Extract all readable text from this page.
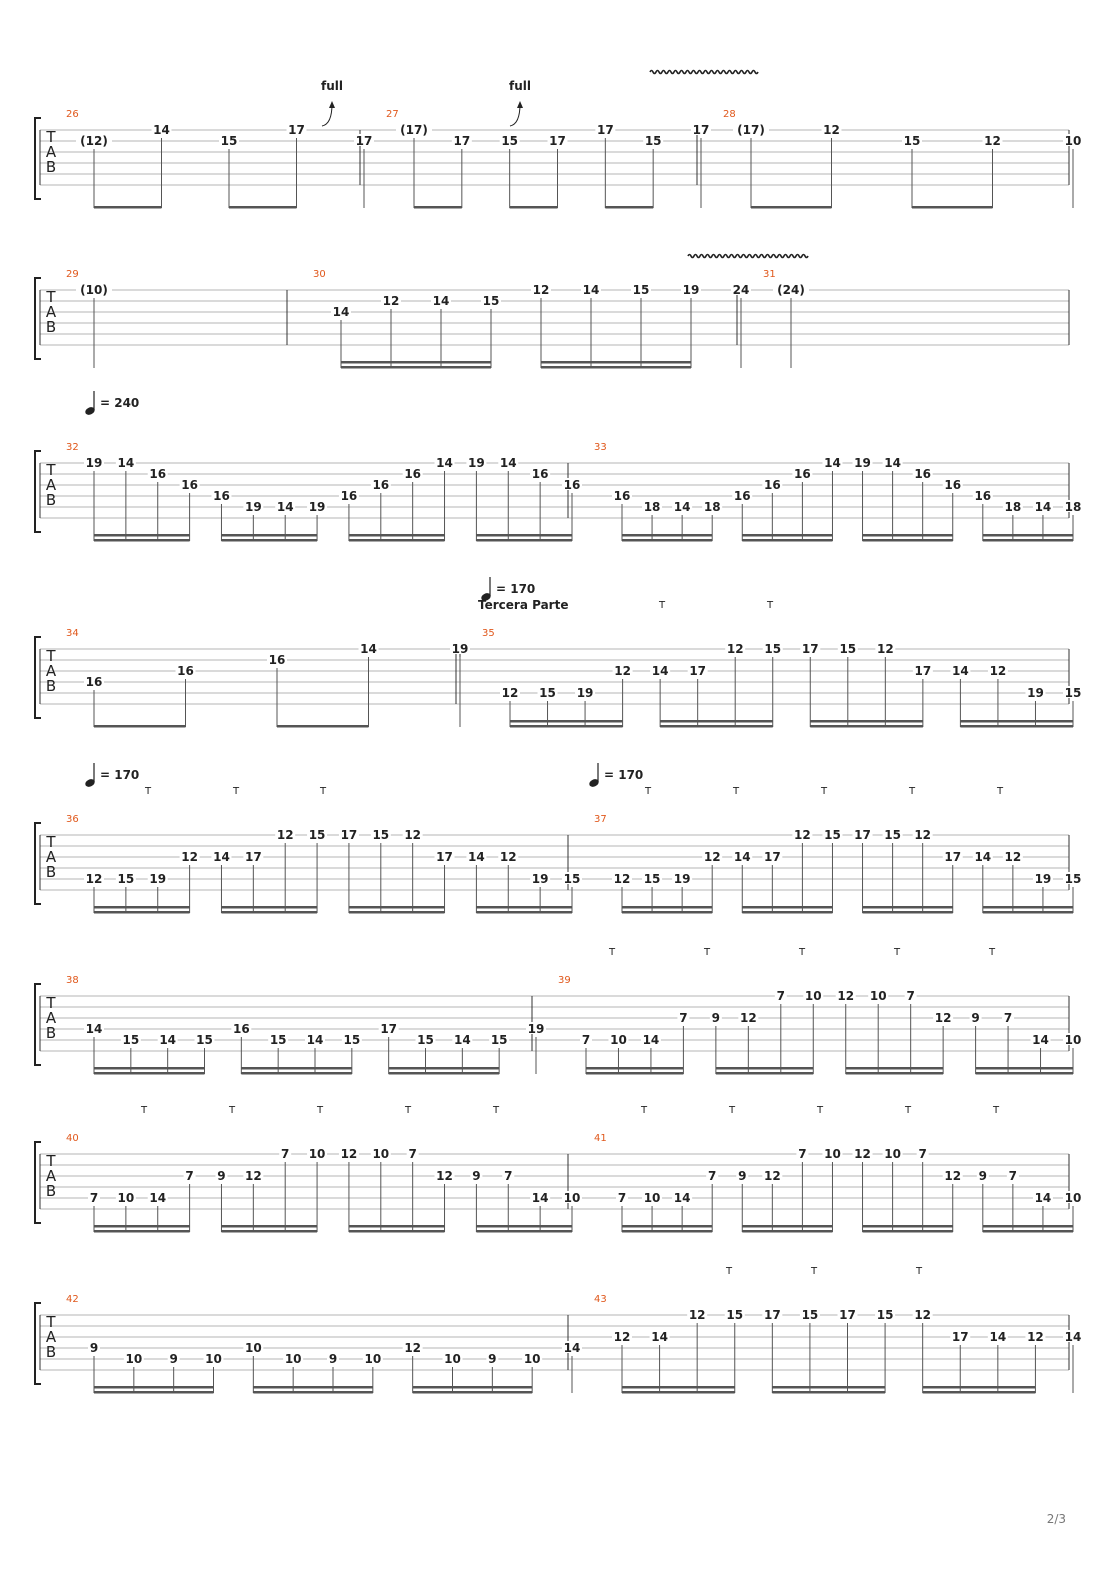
T
A
B
26
(12)
14
15
17
17
27
(17)
17	15	17
17
15
17
28
(17)	12
15	12	10
T
A
B
29
(10)
30
14
12	14	15
12	14	15	19	24
31
(24)
T
A
B
= 240
32
19 14
16
16
16
19 14 19
16
16
16
14 19 14
16
16
33
16
18 14 18
16
16
16
14 19 14
16
16
16
18 14 18
T
A
B
= 170
Tercera Parte	T	T
34
16
16
16
14	19
35
12 15 19
12 14 17
12 15 17 15 12
17 14 12
19 15
T
A
B
= 170	= 170
T	T	T	T	T	T	T	T
36
12 15 19
12 14 17
12 15 17 15 12
17 14 12
19 15
37
12 15 19
12 14 17
12 15 17 15 12
17 14 12
19 15
T
A
B
T	T	T	T	T
38
14
15 14 15
16
15 14 15
17
15 14 15
19
39
7 10 14
7 9 12
7 10 12 10 7
12 9 7
14 10
T
A
B
T	T	T	T	T	T	T	T	T	T
40
7 10 14
7 9 12
7 10 12 10 7
12 9 7
14 10
41
7 10 14
7 9 12
7 10 12 10 7
12 9 7
14 10
T
A
B
T	T	T
42
9
10 9 10
10
10 9 10
12
10 9 10
14
43
12 14
12 15 17 15 17 15 12
17 14 12 14
full	full
2/3
